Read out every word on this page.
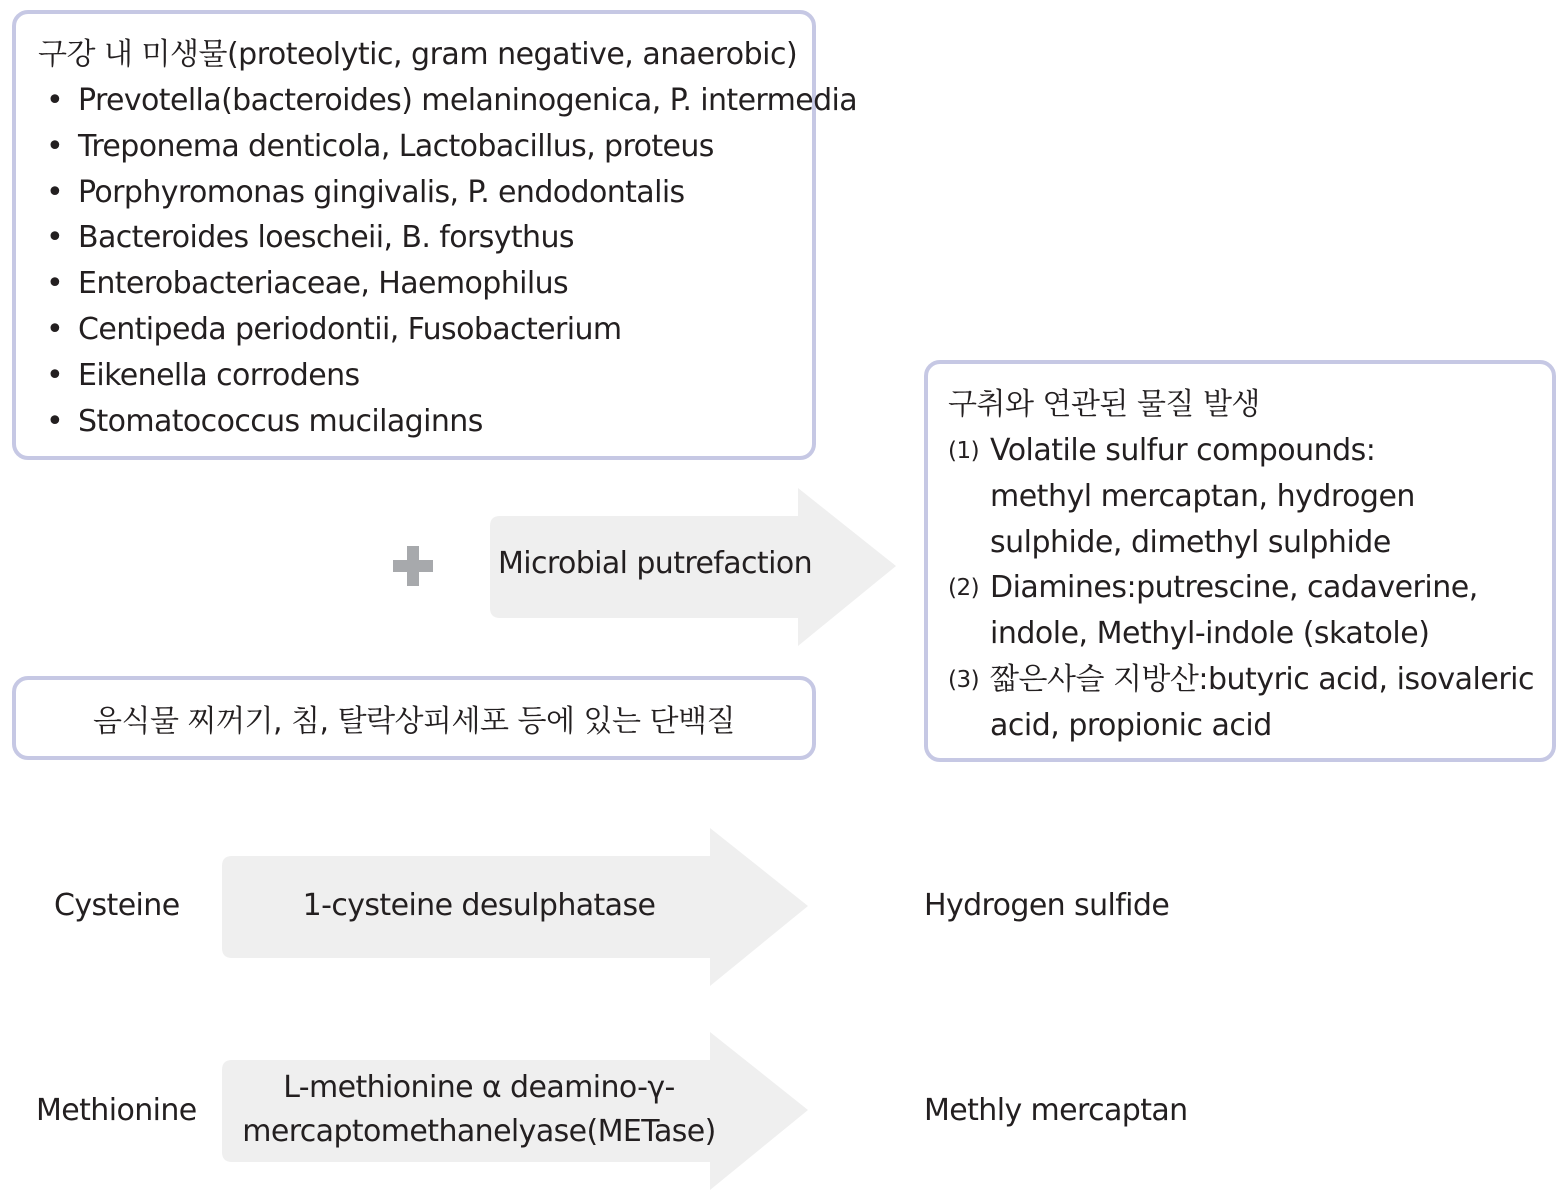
구강 내 미생물(proteolytic, gram negative, anaerobic)
• Prevotella(bacteroides) melaninogenica, P. intermedia
• Treponema denticola, Lactobacillus, proteus
• Porphyromonas gingivalis, P. endodontalis
• Bacteroides loescheii, B. forsythus
• Enterobacteriaceae, Haemophilus
• Centipeda periodontii, Fusobacterium
• Eikenella corrodens
• Stomatococcus mucilaginns
Microbial putrefaction
음식물 찌꺼기, 침, 탈락상피세포 등에 있는 단백질
구취와 연관된 물질 발생
(1) Volatile sulfur compounds:
methyl mercaptan, hydrogen
sulphide, dimethyl sulphide
(2) Diamines:putrescine, cadaverine,
indole, Methyl-indole (skatole)
(3) 짧은사슬 지방산:butyric acid, isovaleric
acid, propionic acid
Cysteine	1-cysteine desulphatase	Hydrogen sulfide
Methionine
L-methionine α deamino-γ-
mercaptomethanelyase(METase)
Methly mercaptan
